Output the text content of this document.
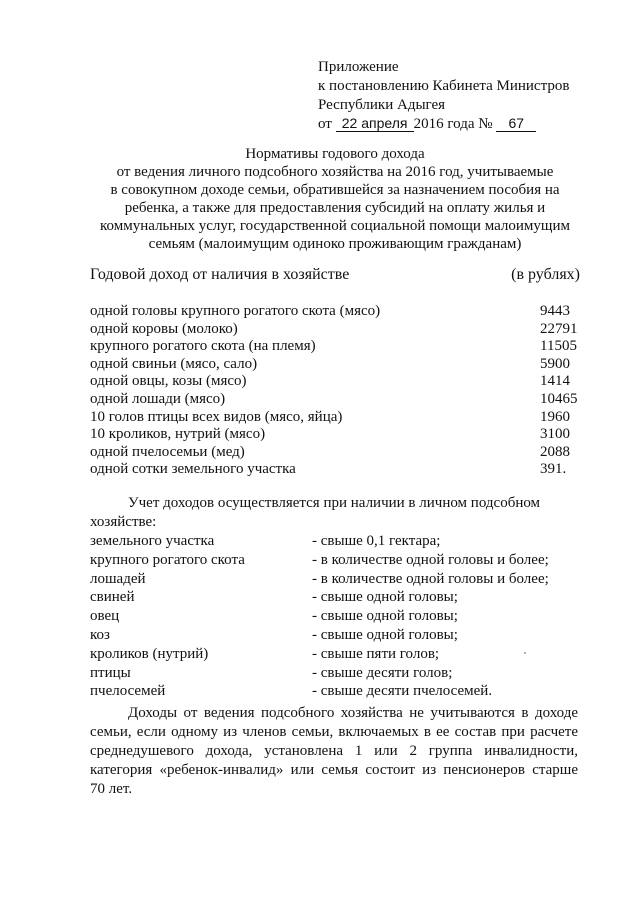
Приложение
к постановлению Кабинета Министров
Республики Адыгея
от 22 апреля 2016 года № 67
Нормативы годового дохода
от ведения личного подсобного хозяйства на 2016 год, учитываемые
в совокупном доходе семьи, обратившейся за назначением пособия на
ребенка, а также для предоставления субсидий на оплату жилья и
коммунальных услуг, государственной социальной помощи малоимущим
семьям (малоимущим одиноко проживающим гражданам)
Годовой доход от наличия в хозяйстве	(в рублях)
одной головы крупного рогатого скота (мясо)	9443
одной коровы (молоко)	22791
крупного рогатого скота (на племя)	11505
одной свиньи (мясо, сало)	5900
одной овцы, козы (мясо)	1414
одной лошади (мясо)	10465
10 голов птицы всех видов (мясо, яйца)	1960
10 кроликов, нутрий (мясо)	3100
одной пчелосемьи (мед)	2088
одной сотки земельного участка	391.
Учет доходов осуществляется при наличии в личном подсобном
хозяйстве:
земельного участка	- свыше 0,1 гектара;
крупного рогатого скота	- в количестве одной головы и более;
лошадей	- в количестве одной головы и более;
свиней	- свыше одной головы;
овец	- свыше одной головы;
коз	- свыше одной головы;
кроликов (нутрий)	- свыше пяти голов;
птицы	- свыше десяти голов;
пчелосемей	- свыше десяти пчелосемей.
Доходы от ведения подсобного хозяйства не учитываются в доходе
семьи, если одному из членов семьи, включаемых в ее состав при расчете
среднедушевого дохода, установлена 1 или 2 группа инвалидности,
категория «ребенок-инвалид» или семья состоит из пенсионеров старше
70 лет.
